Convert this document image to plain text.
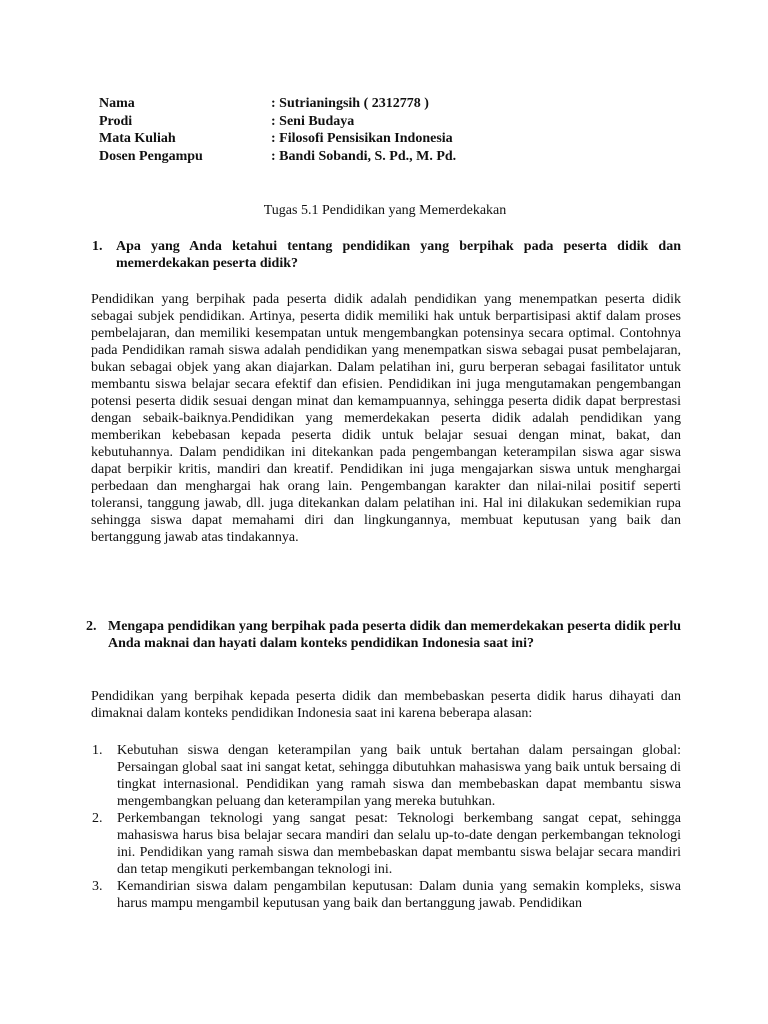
Nama	: Sutrianingsih ( 2312778 )
Prodi	: Seni Budaya
Mata Kuliah	: Filosofi Pensisikan Indonesia
Dosen Pengampu	: Bandi Sobandi, S. Pd., M. Pd.
Tugas 5.1 Pendidikan yang Memerdekakan
1. Apa yang Anda ketahui tentang pendidikan yang berpihak pada peserta didik dan memerdekakan peserta didik?

Pendidikan yang berpihak pada peserta didik adalah pendidikan yang menempatkan peserta didik sebagai subjek pendidikan. Artinya, peserta didik memiliki hak untuk berpartisipasi aktif dalam proses pembelajaran, dan memiliki kesempatan untuk mengembangkan potensinya secara optimal. Contohnya pada Pendidikan ramah siswa adalah pendidikan yang menempatkan siswa sebagai pusat pembelajaran, bukan sebagai objek yang akan diajarkan. Dalam pelatihan ini, guru berperan sebagai fasilitator untuk membantu siswa belajar secara efektif dan efisien. Pendidikan ini juga mengutamakan pengembangan potensi peserta didik sesuai dengan minat dan kemampuannya, sehingga peserta didik dapat berprestasi dengan sebaik-baiknya.Pendidikan yang memerdekakan peserta didik adalah pendidikan yang memberikan kebebasan kepada peserta didik untuk belajar sesuai dengan minat, bakat, dan kebutuhannya. Dalam pendidikan ini ditekankan pada pengembangan keterampilan siswa agar siswa dapat berpikir kritis, mandiri dan kreatif. Pendidikan ini juga mengajarkan siswa untuk menghargai perbedaan dan menghargai hak orang lain. Pengembangan karakter dan nilai-nilai positif seperti toleransi, tanggung jawab, dll. juga ditekankan dalam pelatihan ini. Hal ini dilakukan sedemikian rupa sehingga siswa dapat memahami diri dan lingkungannya, membuat keputusan yang baik dan bertanggung jawab atas tindakannya.

2. Mengapa pendidikan yang berpihak pada peserta didik dan memerdekakan peserta didik perlu Anda maknai dan hayati dalam konteks pendidikan Indonesia saat ini?

Pendidikan yang berpihak kepada peserta didik dan membebaskan peserta didik harus dihayati dan dimaknai dalam konteks pendidikan Indonesia saat ini karena beberapa alasan:

1.	Kebutuhan siswa dengan keterampilan yang baik untuk bertahan dalam persaingan global: Persaingan global saat ini sangat ketat, sehingga dibutuhkan mahasiswa yang baik untuk bersaing di tingkat internasional. Pendidikan yang ramah siswa dan membebaskan dapat membantu siswa mengembangkan peluang dan keterampilan yang mereka butuhkan.
2.	Perkembangan teknologi yang sangat pesat: Teknologi berkembang sangat cepat, sehingga mahasiswa harus bisa belajar secara mandiri dan selalu up-to-date dengan perkembangan teknologi ini. Pendidikan yang ramah siswa dan membebaskan dapat membantu siswa belajar secara mandiri dan tetap mengikuti perkembangan teknologi ini.
3.	Kemandirian siswa dalam pengambilan keputusan: Dalam dunia yang semakin kompleks, siswa harus mampu mengambil keputusan yang baik dan bertanggung jawab. Pendidikan
